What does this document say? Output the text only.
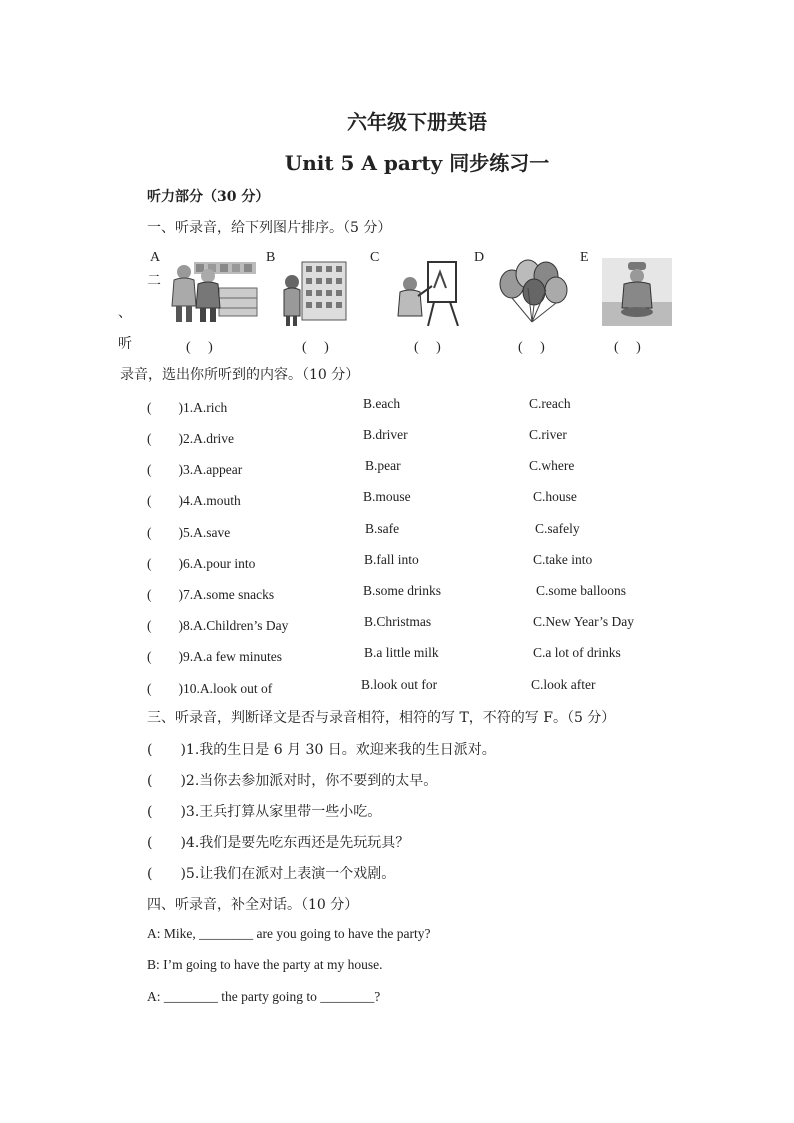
六年级下册英语
Unit 5 A party 同步练习一
听力部分（30 分）
一、听录音，给下列图片排序。（5 分）
A	B	C	D	E
二
、
听	(　 )	(　 )	(　 )	(　 )	(　 )
录音，选出你所听到的内容。（10 分）
(　　)1.A.rich	B.each	C.reach
(　　)2.A.drive	B.driver	C.river
(　　)3.A.appear	B.pear	C.where
(　　)4.A.mouth	B.mouse	C.house
(　　)5.A.save	B.safe	C.safely
(　　)6.A.pour into	B.fall into	C.take into
(　　)7.A.some snacks	B.some drinks	C.some balloons
(　　)8.A.Children’s Day	B.Christmas	C.New Year’s Day
(　　)9.A.a few minutes	B.a little milk	C.a lot of drinks
(　　)10.A.look out of	B.look out for	C.look after
三、听录音，判断译文是否与录音相符，相符的写 T，不符的写 F。（5 分）
(　　)1.我的生日是 6 月 30 日。欢迎来我的生日派对。
(　　)2.当你去参加派对时，你不要到的太早。
(　　)3.王兵打算从家里带一些小吃。
(　　)4.我们是要先吃东西还是先玩玩具？
(　　)5.让我们在派对上表演一个戏剧。
四、听录音，补全对话。（10 分）
A: Mike, ________ are you going to have the party?
B: I’m going to have the party at my house.
A: ________ the party going to ________?
